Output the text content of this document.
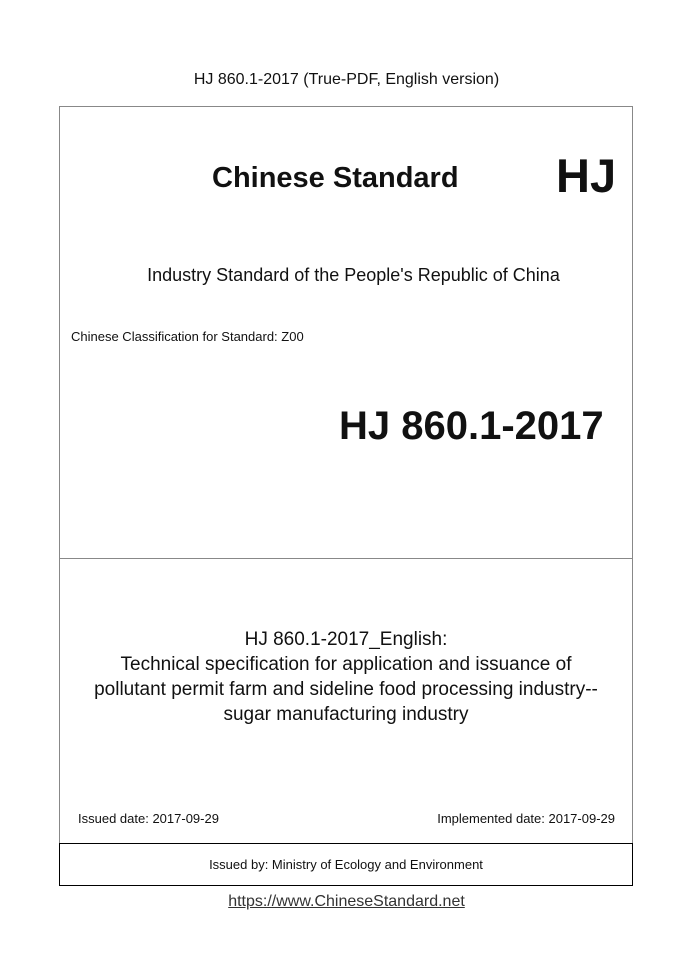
HJ 860.1-2017 (True-PDF, English version)
Chinese Standard HJ
Industry Standard of the People's Republic of China
Chinese Classification for Standard: Z00
HJ 860.1-2017
HJ 860.1-2017_English:
Technical specification for application and issuance of
pollutant permit farm and sideline food processing industry--
sugar manufacturing industry
Issued date: 2017-09-29	Implemented date: 2017-09-29
Issued by: Ministry of Ecology and Environment
https://www.ChineseStandard.net
